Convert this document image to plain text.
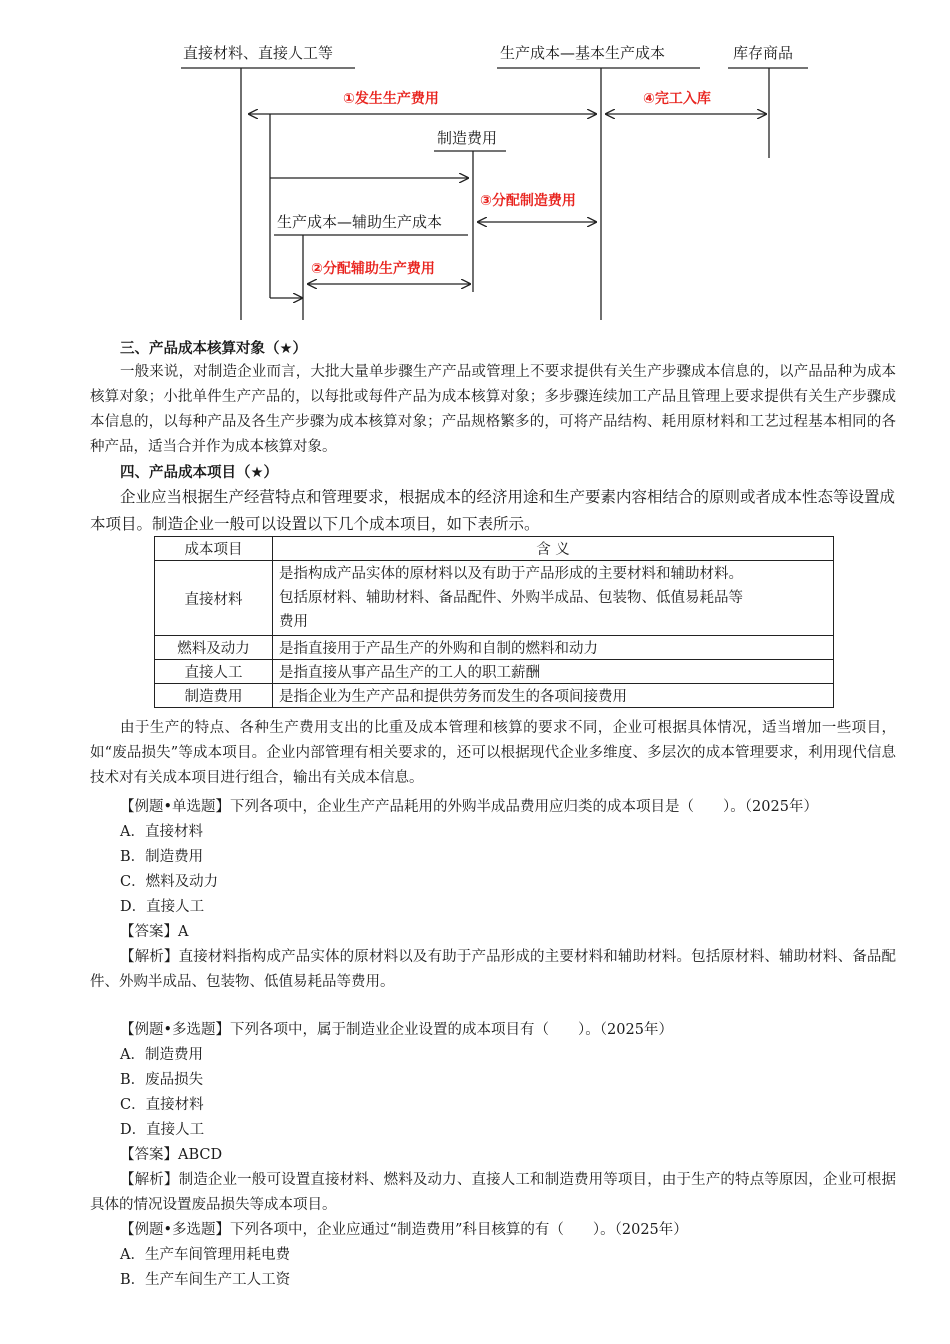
直接材料、直接人工等	生产成本—基本生产成本	库存商品
①发生生产费用	④完工入库
制造费用
③分配制造费用
生产成本—辅助生产成本
②分配辅助生产费用
三、产品成本核算对象（★）

一般来说，对制造企业而言，大批大量单步骤生产产品或管理上不要求提供有关生产步骤成本信息的，以产品品种为成本核算对象；小批单件生产产品的，以每批或每件产品为成本核算对象；多步骤连续加工产品且管理上要求提供有关生产步骤成本信息的，以每种产品及各生产步骤为成本核算对象；产品规格繁多的，可将产品结构、耗用原材料和工艺过程基本相同的各种产品，适当合并作为成本核算对象。

四、产品成本项目（★）

企业应当根据生产经营特点和管理要求，根据成本的经济用途和生产要素内容相结合的原则或者成本性态等设置成本项目。制造企业一般可以设置以下几个成本项目，如下表所示。

成本项目	含 义
直接材料	是指构成产品实体的原材料以及有助于产品形成的主要材料和辅助材料。
包括原材料、辅助材料、备品配件、外购半成品、包装物、低值易耗品等
费用

燃料及动力	是指直接用于产品生产的外购和自制的燃料和动力
直接人工	是指直接从事产品生产的工人的职工薪酬
制造费用	是指企业为生产产品和提供劳务而发生的各项间接费用

由于生产的特点、各种生产费用支出的比重及成本管理和核算的要求不同，企业可根据具体情况，适当增加一些项目，如“废品损失”等成本项目。企业内部管理有相关要求的，还可以根据现代企业多维度、多层次的成本管理要求，利用现代信息技术对有关成本项目进行组合，输出有关成本信息。

【例题•单选题】下列各项中，企业生产产品耗用的外购半成品费用应归类的成本项目是（　　）。（2025年）

A．直接材料

B．制造费用

C．燃料及动力

D．直接人工

【答案】A

【解析】直接材料指构成产品实体的原材料以及有助于产品形成的主要材料和辅助材料。包括原材料、辅助材料、备品配件、外购半成品、包装物、低值易耗品等费用。

【例题•多选题】下列各项中，属于制造业企业设置的成本项目有（　　）。（2025年）

A．制造费用

B．废品损失

C．直接材料

D．直接人工

【答案】ABCD

【解析】制造企业一般可设置直接材料、燃料及动力、直接人工和制造费用等项目，由于生产的特点等原因，企业可根据具体的情况设置废品损失等成本项目。

【例题•多选题】下列各项中，企业应通过“制造费用”科目核算的有（　　）。（2025年）

A．生产车间管理用耗电费

B．生产车间生产工人工资
